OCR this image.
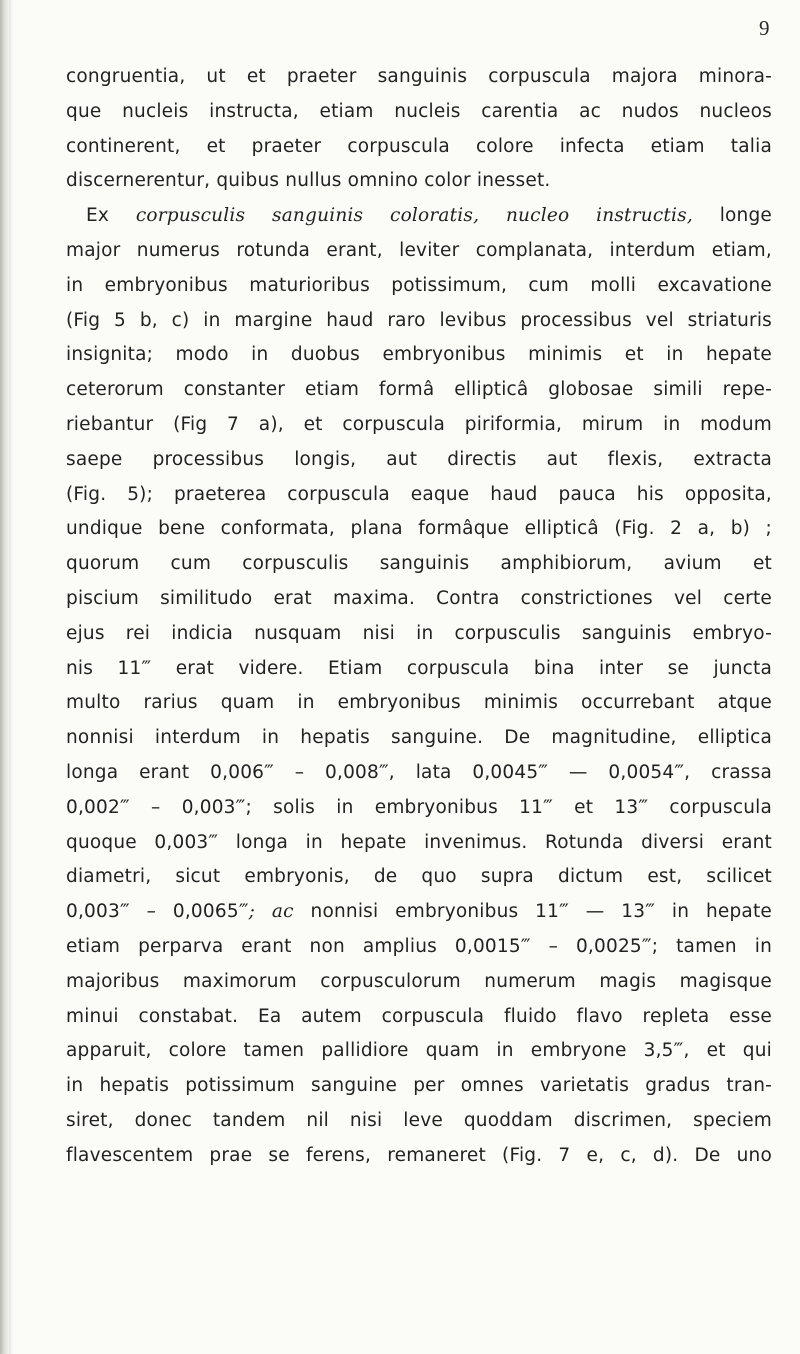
9
congruentia, ut et praeter sanguinis corpuscula majora minora-
que nucleis instructa, etiam nucleis carentia ac nudos nucleos
continerent, et praeter corpuscula colore infecta etiam talia
discernerentur, quibus nullus omnino color inesset.
Ex corpusculis sanguinis coloratis, nucleo instructis, longe
major numerus rotunda erant, leviter complanata, interdum etiam,
in embryonibus maturioribus potissimum, cum molli excavatione
(Fig 5 b, c) in margine haud raro levibus processibus vel striaturis
insignita; modo in duobus embryonibus minimis et in hepate
ceterorum constanter etiam formâ ellipticâ globosae simili repe-
riebantur (Fig 7 a), et corpuscula piriformia, mirum in modum
saepe processibus longis, aut directis aut flexis, extracta
(Fig. 5); praeterea corpuscula eaque haud pauca his opposita,
undique bene conformata, plana formâque ellipticâ (Fig. 2 a, b) ;
quorum cum corpusculis sanguinis amphibiorum, avium et
piscium similitudo erat maxima. Contra constrictiones vel certe
ejus rei indicia nusquam nisi in corpusculis sanguinis embryo-
nis 11‴ erat videre. Etiam corpuscula bina inter se juncta
multo rarius quam in embryonibus minimis occurrebant atque
nonnisi interdum in hepatis sanguine. De magnitudine, elliptica
longa erant 0,006‴ – 0,008‴, lata 0,0045‴ — 0,0054‴, crassa
0,002‴ – 0,003‴; solis in embryonibus 11‴ et 13‴ corpuscula
quoque 0,003‴ longa in hepate invenimus. Rotunda diversi erant
diametri, sicut embryonis, de quo supra dictum est, scilicet
0,003‴ – 0,0065‴; ac nonnisi embryonibus 11‴ — 13‴ in hepate
etiam perparva erant non amplius 0,0015‴ – 0,0025‴; tamen in
majoribus maximorum corpusculorum numerum magis magisque
minui constabat. Ea autem corpuscula fluido flavo repleta esse
apparuit, colore tamen pallidiore quam in embryone 3,5‴, et qui
in hepatis potissimum sanguine per omnes varietatis gradus tran-
siret, donec tandem nil nisi leve quoddam discrimen, speciem
flavescentem prae se ferens, remaneret (Fig. 7 e, c, d). De uno
